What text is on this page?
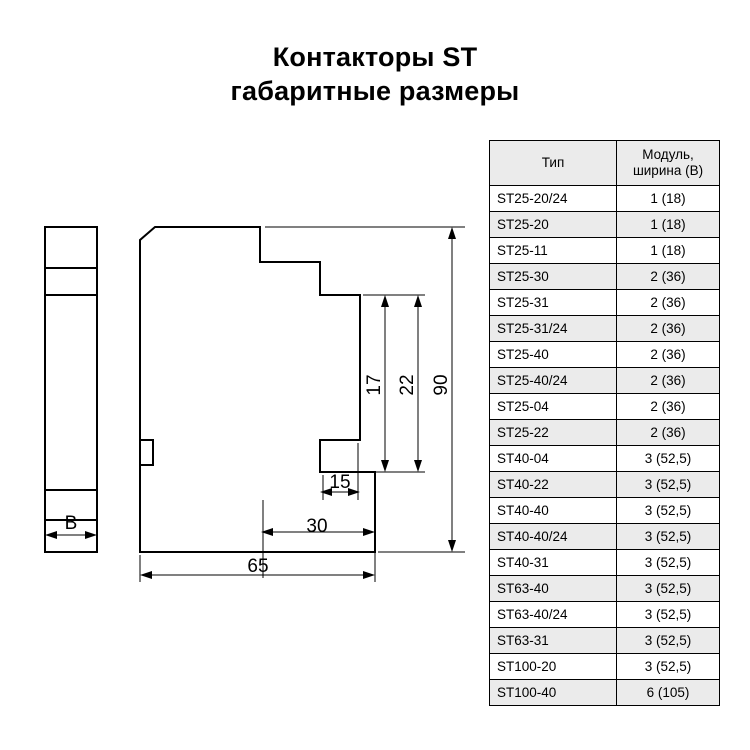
Контакторы ST
габаритные размеры
B	30
65
15
90
22
17
Тип	Модуль,
ширина (B)
ST25-20/24	1 (18)
ST25-20	1 (18)
ST25-11	1 (18)
ST25-30	2 (36)
ST25-31	2 (36)
ST25-31/24	2 (36)
ST25-40	2 (36)
ST25-40/24	2 (36)
ST25-04	2 (36)
ST25-22	2 (36)
ST40-04	3 (52,5)
ST40-22	3 (52,5)
ST40-40	3 (52,5)
ST40-40/24	3 (52,5)
ST40-31	3 (52,5)
ST63-40	3 (52,5)
ST63-40/24	3 (52,5)
ST63-31	3 (52,5)
ST100-20	3 (52,5)
ST100-40	6 (105)
